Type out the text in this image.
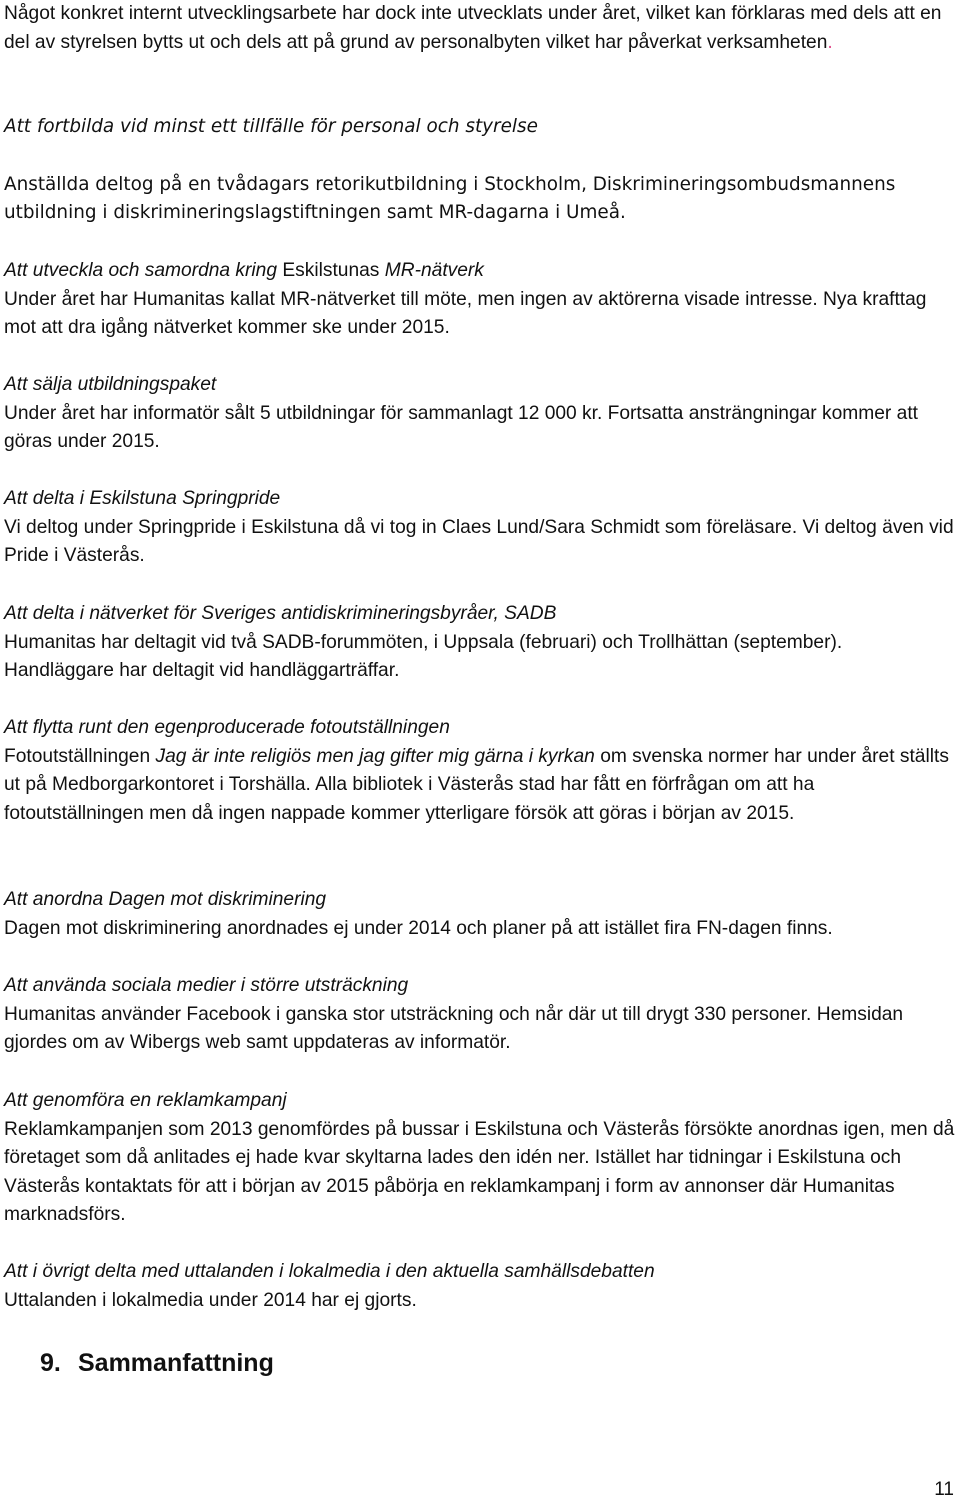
Något konkret internt utvecklingsarbete har dock inte utvecklats under året, vilket kan förklaras med dels att en del av styrelsen bytts ut och dels att på grund av personalbyten vilket har påverkat verksamheten.

Att fortbilda vid minst ett tillfälle för personal och styrelse

Anställda deltog på en tvådagars retorikutbildning i Stockholm, Diskrimineringsombudsmannens utbildning i diskrimineringslagstiftningen samt MR-dagarna i Umeå.

Att utveckla och samordna kring Eskilstunas MR-nätverk

Under året har Humanitas kallat MR-nätverket till möte, men ingen av aktörerna visade intresse. Nya krafttag mot att dra igång nätverket kommer ske under 2015.

Att sälja utbildningspaket

Under året har informatör sålt 5 utbildningar för sammanlagt 12 000 kr. Fortsatta ansträngningar kommer att göras under 2015.

Att delta i Eskilstuna Springpride

Vi deltog under Springpride i Eskilstuna då vi tog in Claes Lund/Sara Schmidt som föreläsare. Vi deltog även vid Pride i Västerås.

Att delta i nätverket för Sveriges antidiskrimineringsbyråer, SADB

Humanitas har deltagit vid två SADB-forummöten, i Uppsala (februari) och Trollhättan (september). Handläggare har deltagit vid handläggarträffar.

Att flytta runt den egenproducerade fotoutställningen

Fotoutställningen Jag är inte religiös men jag gifter mig gärna i kyrkan om svenska normer har under året ställts ut på Medborgarkontoret i Torshälla. Alla bibliotek i Västerås stad har fått en förfrågan om att ha fotoutställningen men då ingen nappade kommer ytterligare försök att göras i början av 2015.

Att anordna Dagen mot diskriminering

Dagen mot diskriminering anordnades ej under 2014 och planer på att istället fira FN-dagen finns.

Att använda sociala medier i större utsträckning

Humanitas använder Facebook i ganska stor utsträckning och når där ut till drygt 330 personer. Hemsidan gjordes om av Wibergs web samt uppdateras av informatör.

Att genomföra en reklamkampanj

Reklamkampanjen som 2013 genomfördes på bussar i Eskilstuna och Västerås försökte anordnas igen, men då företaget som då anlitades ej hade kvar skyltarna lades den idén ner. Istället har tidningar i Eskilstuna och Västerås kontaktats för att i början av 2015 påbörja en reklamkampanj i form av annonser där Humanitas marknadsförs.

Att i övrigt delta med uttalanden i lokalmedia i den aktuella samhällsdebatten

Uttalanden i lokalmedia under 2014 har ej gjorts.

9. Sammanfattning
11
